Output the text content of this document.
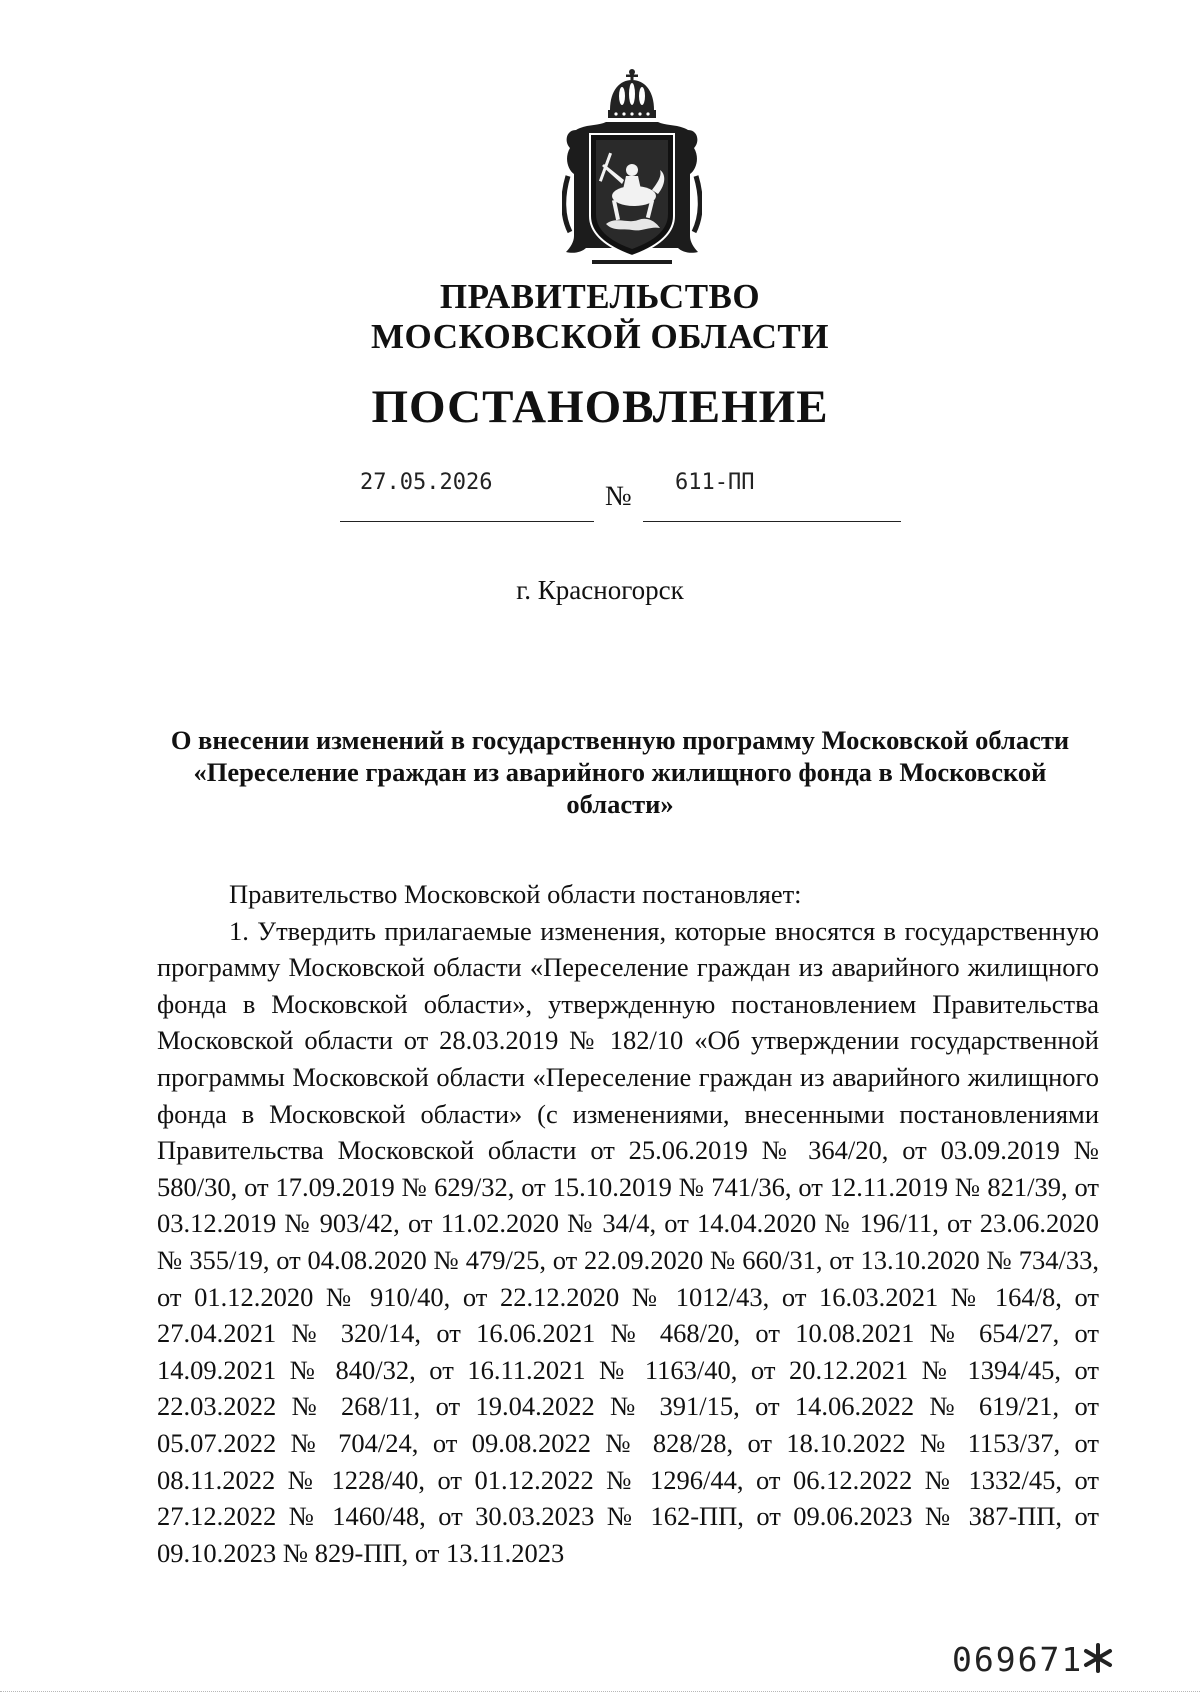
ПРАВИТЕЛЬСТВО
МОСКОВСКОЙ ОБЛАСТИ
ПОСТАНОВЛЕНИЕ
27.05.2026	№ 611-ПП
г. Красногорск
О внесении изменений в государственную программу Московской области «Переселение граждан из аварийного жилищного фонда в Московской области»

Правительство Московской области постановляет:

1. Утвердить прилагаемые изменения, которые вносятся в государственную программу Московской области «Переселение граждан из аварийного жилищного фонда в Московской области», утвержденную постановлением Правительства Московской области от 28.03.2019 № 182/10 «Об утверждении государственной программы Московской области «Переселение граждан из аварийного жилищного фонда в Московской области» (с изменениями, внесенными постановлениями Правительства Московской области от 25.06.2019 № 364/20, от 03.09.2019 № 580/30, от 17.09.2019 № 629/32, от 15.10.2019 № 741/36, от 12.11.2019 № 821/39, от 03.12.2019 № 903/42, от 11.02.2020 № 34/4, от 14.04.2020 № 196/11, от 23.06.2020 № 355/19, от 04.08.2020 № 479/25, от 22.09.2020 № 660/31, от 13.10.2020 № 734/33, от 01.12.2020 № 910/40, от 22.12.2020 № 1012/43, от 16.03.2021 № 164/8, от 27.04.2021 № 320/14, от 16.06.2021 № 468/20, от 10.08.2021 № 654/27, от 14.09.2021 № 840/32, от 16.11.2021 № 1163/40, от 20.12.2021 № 1394/45, от 22.03.2022 № 268/11, от 19.04.2022 № 391/15, от 14.06.2022 № 619/21, от 05.07.2022 № 704/24, от 09.08.2022 № 828/28, от 18.10.2022 № 1153/37, от 08.11.2022 № 1228/40, от 01.12.2022 № 1296/44, от 06.12.2022 № 1332/45, от 27.12.2022 № 1460/48, от 30.03.2023 № 162-ПП, от 09.06.2023 № 387-ПП, от 09.10.2023 № 829-ПП, от 13.11.2023

069671
